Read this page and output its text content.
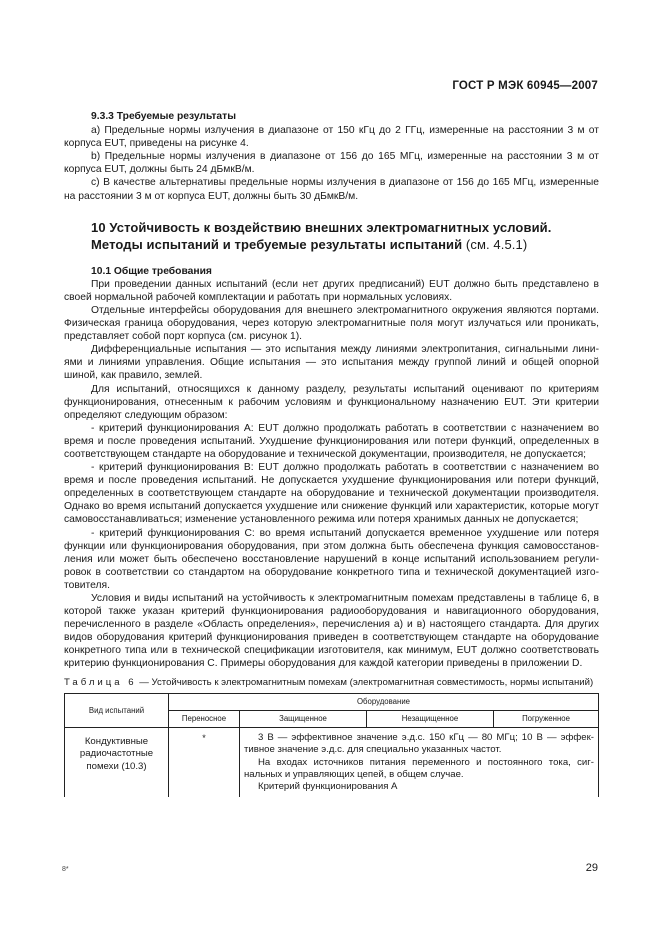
ГОСТ Р МЭК 60945—2007
9.3.3 Требуемые результаты

а) Предельные нормы излучения в диапазоне от 150 кГц до 2 ГГц, измеренные на расстоянии 3 м от корпуса EUT, приведены на рисунке 4.

b) Предельные нормы излучения в диапазоне от 156 до 165 МГц, измеренные на расстоянии 3 м от корпуса EUT, должны быть 24 дБмкВ/м.

с) В качестве альтернативы предельные нормы излучения в диапазоне от 156 до 165 МГц, измеренные на расстоянии 3 м от корпуса EUT, должны быть 30 дБмкВ/м.

10 Устойчивость к воздействию внешних электромагнитных условий. Методы испытаний и требуемые результаты испытаний (см. 4.5.1)

10.1 Общие требования

При проведении данных испытаний (если нет других предписаний) EUT должно быть представлено в своей нормальной рабочей комплектации и работать при нормальных условиях.

Отдельные интерфейсы оборудования для внешнего электромагнитного окружения являются портами. Физическая граница оборудования, через которую электромагнитные поля могут излучаться или проникать, представляет собой порт корпуса (см. рисунок 1).

Дифференциальные испытания — это испытания между линиями электропитания, сигнальными линиями и линиями управления. Общие испытания — это испытания между группой линий и общей опорной шиной, как правило, землей.

Для испытаний, относящихся к данному разделу, результаты испытаний оценивают по критериям функционирования, отнесенным к рабочим условиям и функциональному назначению EUT. Эти критерии определяют следующим образом:

- критерий функционирования А: EUT должно продолжать работать в соответствии с назначением во время и после проведения испытаний. Ухудшение функционирования или потери функций, определенных в соответствующем стандарте на оборудование и технической документации, производителя, не допускается;

- критерий функционирования В: EUT должно продолжать работать в соответствии с назначением во время и после проведения испытаний. Не допускается ухудшение функционирования или потери функций, определенных в соответствующем стандарте на оборудование и технической документации производителя. Однако во время испытаний допускается ухудшение или снижение функций или характеристик, которые могут самовосстанавливаться; изменение установленного режима или потеря хранимых данных не допускается;

- критерий функционирования С: во время испытаний допускается временное ухудшение или потеря функции или функционирования оборудования, при этом должна быть обеспечена функция самовосстановления или может быть обеспечено восстановление нарушений в конце испытаний использованием регулировок в соответствии со стандартом на оборудование конкретного типа и технической документацией изготовителя.

Условия и виды испытаний на устойчивость к электромагнитным помехам представлены в таблице 6, в которой также указан критерий функционирования радиооборудования и навигационного оборудования, перечисленного в разделе «Область определения», перечисления а) и в) настоящего стандарта. Для других видов оборудования критерий функционирования приведен в соответствующем стандарте на оборудование конкретного типа или в технической спецификации изготовителя, как минимум, EUT должно соответствовать критерию функционирования С. Примеры оборудования для каждой категории приведены в приложении D.

Таблица 6 — Устойчивость к электромагнитным помехам (электромагнитная совместимость, нормы испытаний)
Вид испытаний	Оборудование			
	Переносное	Защищенное	Незащищенное	Погруженное

Кондуктивные радиочастотные помехи (10.3)	*	3 В — эффективное значение э.д.с. 150 кГц — 80 МГц; 10 В — эффективное значение э.д.с. для специально указанных частот.
На входах источников питания переменного и постоянного тока, сигнальных и управляющих цепей, в общем случае.
Критерий функционирования А		
8*	29
